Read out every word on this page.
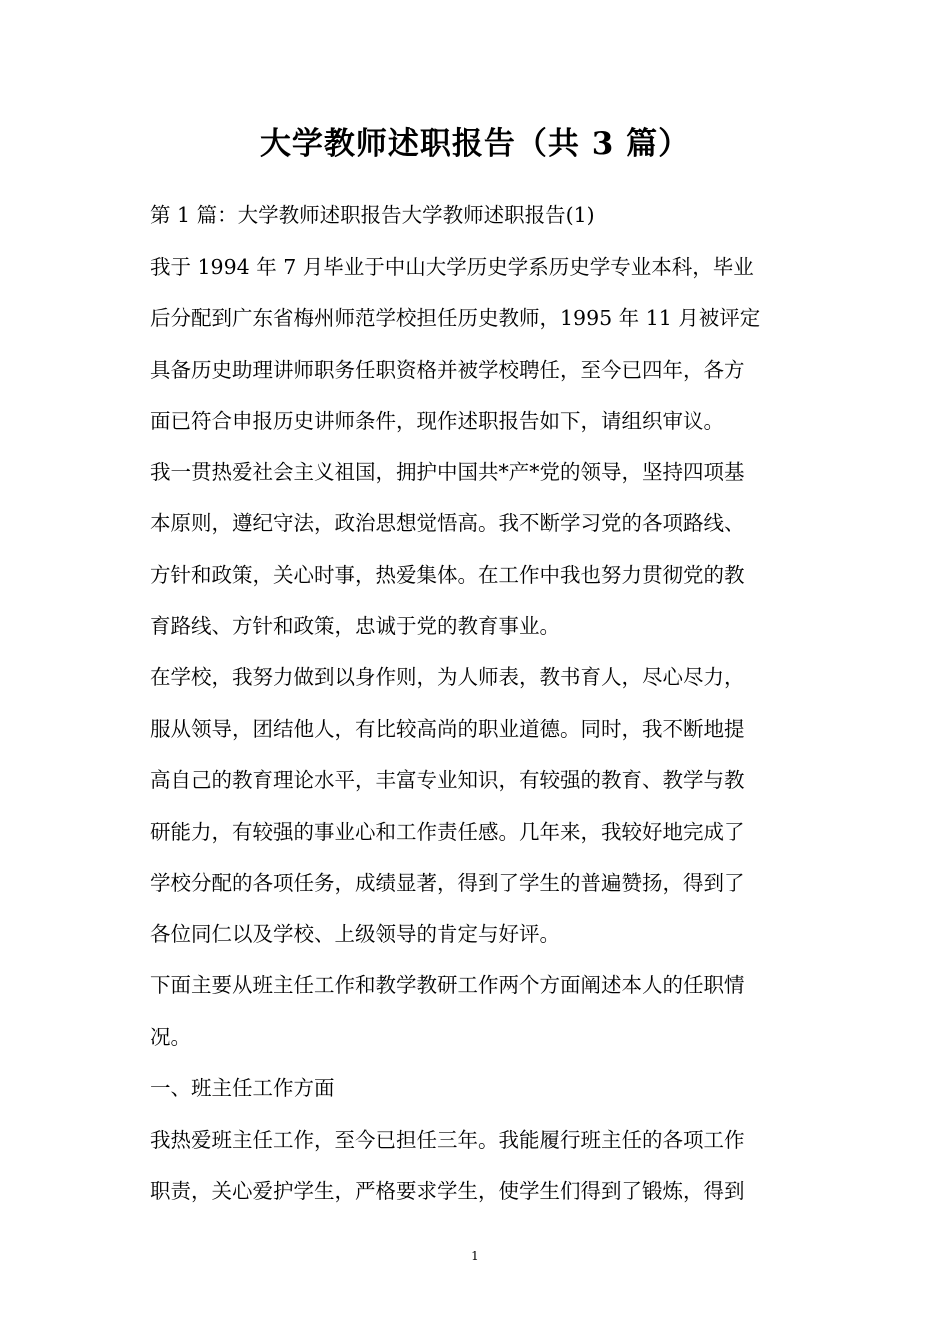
大学教师述职报告（共 3 篇）

第 1 篇：大学教师述职报告大学教师述职报告(1)

我于 1994 年 7 月毕业于中山大学历史学系历史学专业本科，毕业

后分配到广东省梅州师范学校担任历史教师，1995 年 11 月被评定

具备历史助理讲师职务任职资格并被学校聘任，至今已四年，各方

面已符合申报历史讲师条件，现作述职报告如下，请组织审议。

我一贯热爱社会主义祖国，拥护中国共*产*党的领导，坚持四项基

本原则，遵纪守法，政治思想觉悟高。我不断学习党的各项路线、

方针和政策，关心时事，热爱集体。在工作中我也努力贯彻党的教

育路线、方针和政策，忠诚于党的教育事业。

在学校，我努力做到以身作则，为人师表，教书育人，尽心尽力，

服从领导，团结他人，有比较高尚的职业道德。同时，我不断地提

高自己的教育理论水平，丰富专业知识，有较强的教育、教学与教

研能力，有较强的事业心和工作责任感。几年来，我较好地完成了

学校分配的各项任务，成绩显著，得到了学生的普遍赞扬，得到了

各位同仁以及学校、上级领导的肯定与好评。

下面主要从班主任工作和教学教研工作两个方面阐述本人的任职情

况。

一、班主任工作方面

我热爱班主任工作，至今已担任三年。我能履行班主任的各项工作

职责，关心爱护学生，严格要求学生，使学生们得到了锻炼，得到

1
